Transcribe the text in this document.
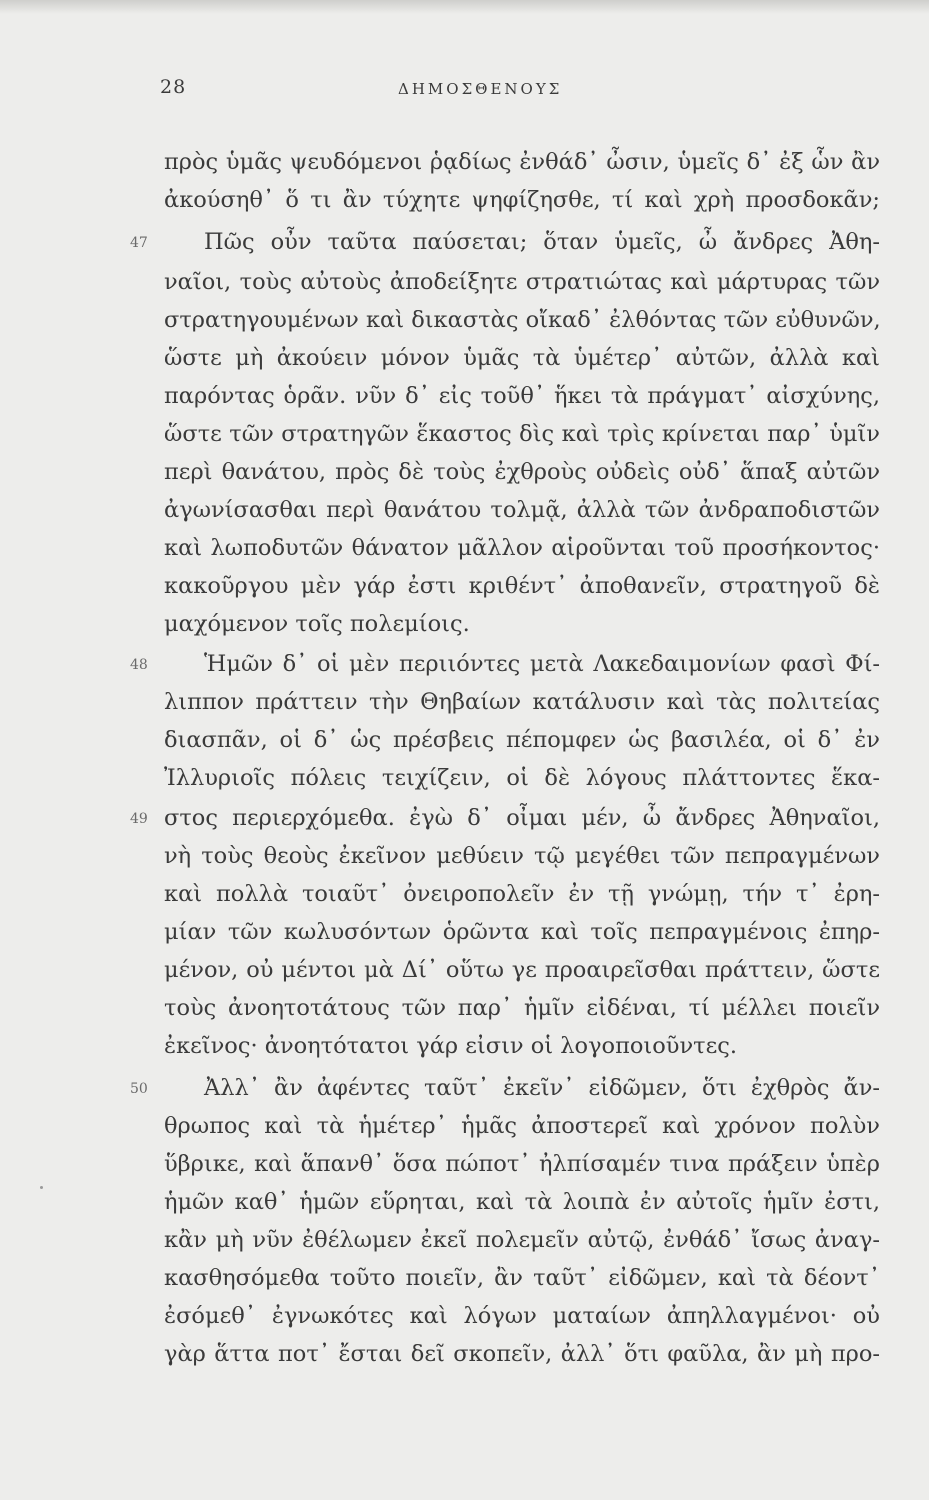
28	ΔΗΜΟΣΘΕΝΟΥΣ
πρὸς ὑμᾶς ψευδόμενοι ῥᾳδίως ἐνθάδ᾽ ὦσιν, ὑμεῖς δ᾽ ἐξ ὧν ἂν
ἀκούσηθ᾽ ὅ τι ἂν τύχητε ψηφίζησθε, τί καὶ χρὴ προσδοκᾶν;
47 Πῶς οὖν ταῦτα παύσεται; ὅταν ὑμεῖς, ὦ ἄνδρες Ἀθη-
ναῖοι, τοὺς αὐτοὺς ἀποδείξητε στρατιώτας καὶ μάρτυρας τῶν
στρατηγουμένων καὶ δικαστὰς οἴκαδ᾽ ἐλθόντας τῶν εὐθυνῶν,
ὥστε μὴ ἀκούειν μόνον ὑμᾶς τὰ ὑμέτερ᾽ αὐτῶν, ἀλλὰ καὶ
παρόντας ὁρᾶν. νῦν δ᾽ εἰς τοῦθ᾽ ἥκει τὰ πράγματ᾽ αἰσχύνης,
ὥστε τῶν στρατηγῶν ἕκαστος δὶς καὶ τρὶς κρίνεται παρ᾽ ὑμῖν
περὶ θανάτου, πρὸς δὲ τοὺς ἐχθροὺς οὐδεὶς οὐδ᾽ ἅπαξ αὐτῶν
ἀγωνίσασθαι περὶ θανάτου τολμᾷ, ἀλλὰ τῶν ἀνδραποδιστῶν
καὶ λωποδυτῶν θάνατον μᾶλλον αἱροῦνται τοῦ προσήκοντος·
κακοῦργου μὲν γάρ ἐστι κριθέντ᾽ ἀποθανεῖν, στρατηγοῦ δὲ
μαχόμενον τοῖς πολεμίοις.
48 Ἡμῶν δ᾽ οἱ μὲν περιιόντες μετὰ Λακεδαιμονίων φασὶ Φί-
λιππον πράττειν τὴν Θηβαίων κατάλυσιν καὶ τὰς πολιτείας
διασπᾶν, οἱ δ᾽ ὡς πρέσβεις πέπομφεν ὡς βασιλέα, οἱ δ᾽ ἐν
Ἰλλυριοῖς πόλεις τειχίζειν, οἱ δὲ λόγους πλάττοντες ἕκα-
49 στος περιερχόμεθα. ἐγὼ δ᾽ οἶμαι μέν, ὦ ἄνδρες Ἀθηναῖοι,
νὴ τοὺς θεοὺς ἐκεῖνον μεθύειν τῷ μεγέθει τῶν πεπραγμένων
καὶ πολλὰ τοιαῦτ᾽ ὀνειροπολεῖν ἐν τῇ γνώμῃ, τήν τ᾽ ἐρη-
μίαν τῶν κωλυσόντων ὁρῶντα καὶ τοῖς πεπραγμένοις ἐπηρ-
μένον, οὐ μέντοι μὰ Δί᾽ οὕτω γε προαιρεῖσθαι πράττειν, ὥστε
τοὺς ἀνοητοτάτους τῶν παρ᾽ ἡμῖν εἰδέναι, τί μέλλει ποιεῖν
ἐκεῖνος· ἀνοητότατοι γάρ εἰσιν οἱ λογοποιοῦντες.
50 Ἀλλ᾽ ἂν ἀφέντες ταῦτ᾽ ἐκεῖν᾽ εἰδῶμεν, ὅτι ἐχθρὸς ἄν-
θρωπος καὶ τὰ ἡμέτερ᾽ ἡμᾶς ἀποστερεῖ καὶ χρόνον πολὺν
ὕβρικε, καὶ ἅπανθ᾽ ὅσα πώποτ᾽ ἠλπίσαμέν τινα πράξειν ὑπὲρ
ἡμῶν καθ᾽ ἡμῶν εὕρηται, καὶ τὰ λοιπὰ ἐν αὐτοῖς ἡμῖν ἐστι,
κἂν μὴ νῦν ἐθέλωμεν ἐκεῖ πολεμεῖν αὐτῷ, ἐνθάδ᾽ ἴσως ἀναγ-
κασθησόμεθα τοῦτο ποιεῖν, ἂν ταῦτ᾽ εἰδῶμεν, καὶ τὰ δέοντ᾽
ἐσόμεθ᾽ ἐγνωκότες καὶ λόγων ματαίων ἀπηλλαγμένοι· οὐ
γὰρ ἅττα ποτ᾽ ἔσται δεῖ σκοπεῖν, ἀλλ᾽ ὅτι φαῦλα, ἂν μὴ προ-
